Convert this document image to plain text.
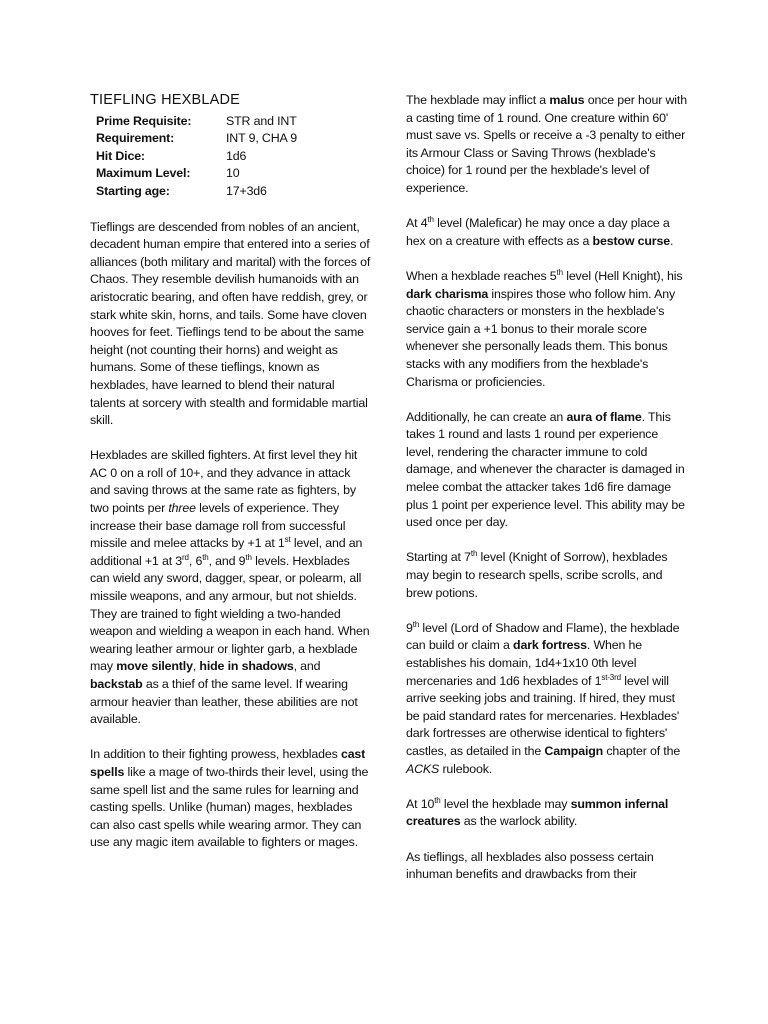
TIEFLING HEXBLADE
Prime Requisite:	STR and INT
Requirement:	INT 9, CHA 9
Hit Dice:	1d6
Maximum Level:	10
Starting age:	17+3d6

Tieflings are descended from nobles of an ancient, decadent human empire that entered into a series of alliances (both military and marital) with the forces of Chaos. They resemble devilish humanoids with an aristocratic bearing, and often have reddish, grey, or stark white skin, horns, and tails. Some have cloven hooves for feet. Tieflings tend to be about the same height (not counting their horns) and weight as humans. Some of these tieflings, known as hexblades, have learned to blend their natural talents at sorcery with stealth and formidable martial skill.

Hexblades are skilled fighters. At first level they hit AC 0 on a roll of 10+, and they advance in attack and saving throws at the same rate as fighters, by two points per three levels of experience. They increase their base damage roll from successful missile and melee attacks by +1 at 1st level, and an additional +1 at 3rd, 6th, and 9th levels. Hexblades can wield any sword, dagger, spear, or polearm, all missile weapons, and any armour, but not shields. They are trained to fight wielding a two-handed weapon and wielding a weapon in each hand. When wearing leather armour or lighter garb, a hexblade may move silently, hide in shadows, and backstab as a thief of the same level. If wearing armour heavier than leather, these abilities are not available.

In addition to their fighting prowess, hexblades cast spells like a mage of two-thirds their level, using the same spell list and the same rules for learning and casting spells. Unlike (human) mages, hexblades can also cast spells while wearing armor. They can use any magic item available to fighters or mages.

The hexblade may inflict a malus once per hour with a casting time of 1 round. One creature within 60' must save vs. Spells or receive a -3 penalty to either its Armour Class or Saving Throws (hexblade's choice) for 1 round per the hexblade's level of experience.

At 4th level (Maleficar) he may once a day place a hex on a creature with effects as a bestow curse.

When a hexblade reaches 5th level (Hell Knight), his dark charisma inspires those who follow him. Any chaotic characters or monsters in the hexblade's service gain a +1 bonus to their morale score whenever she personally leads them. This bonus stacks with any modifiers from the hexblade's Charisma or proficiencies.

Additionally, he can create an aura of flame. This takes 1 round and lasts 1 round per experience level, rendering the character immune to cold damage, and whenever the character is damaged in melee combat the attacker takes 1d6 fire damage plus 1 point per experience level. This ability may be used once per day.

Starting at 7th level (Knight of Sorrow), hexblades may begin to research spells, scribe scrolls, and brew potions.

9th level (Lord of Shadow and Flame), the hexblade can build or claim a dark fortress. When he establishes his domain, 1d4+1x10 0th level mercenaries and 1d6 hexblades of $1^{st-3rd}$ level will arrive seeking jobs and training. If hired, they must be paid standard rates for mercenaries. Hexblades' dark fortresses are otherwise identical to fighters' castles, as detailed in the Campaign chapter of the ACKS rulebook.

At 10th level the hexblade may summon infernal creatures as the warlock ability.

As tieflings, all hexblades also possess certain inhuman benefits and drawbacks from their
